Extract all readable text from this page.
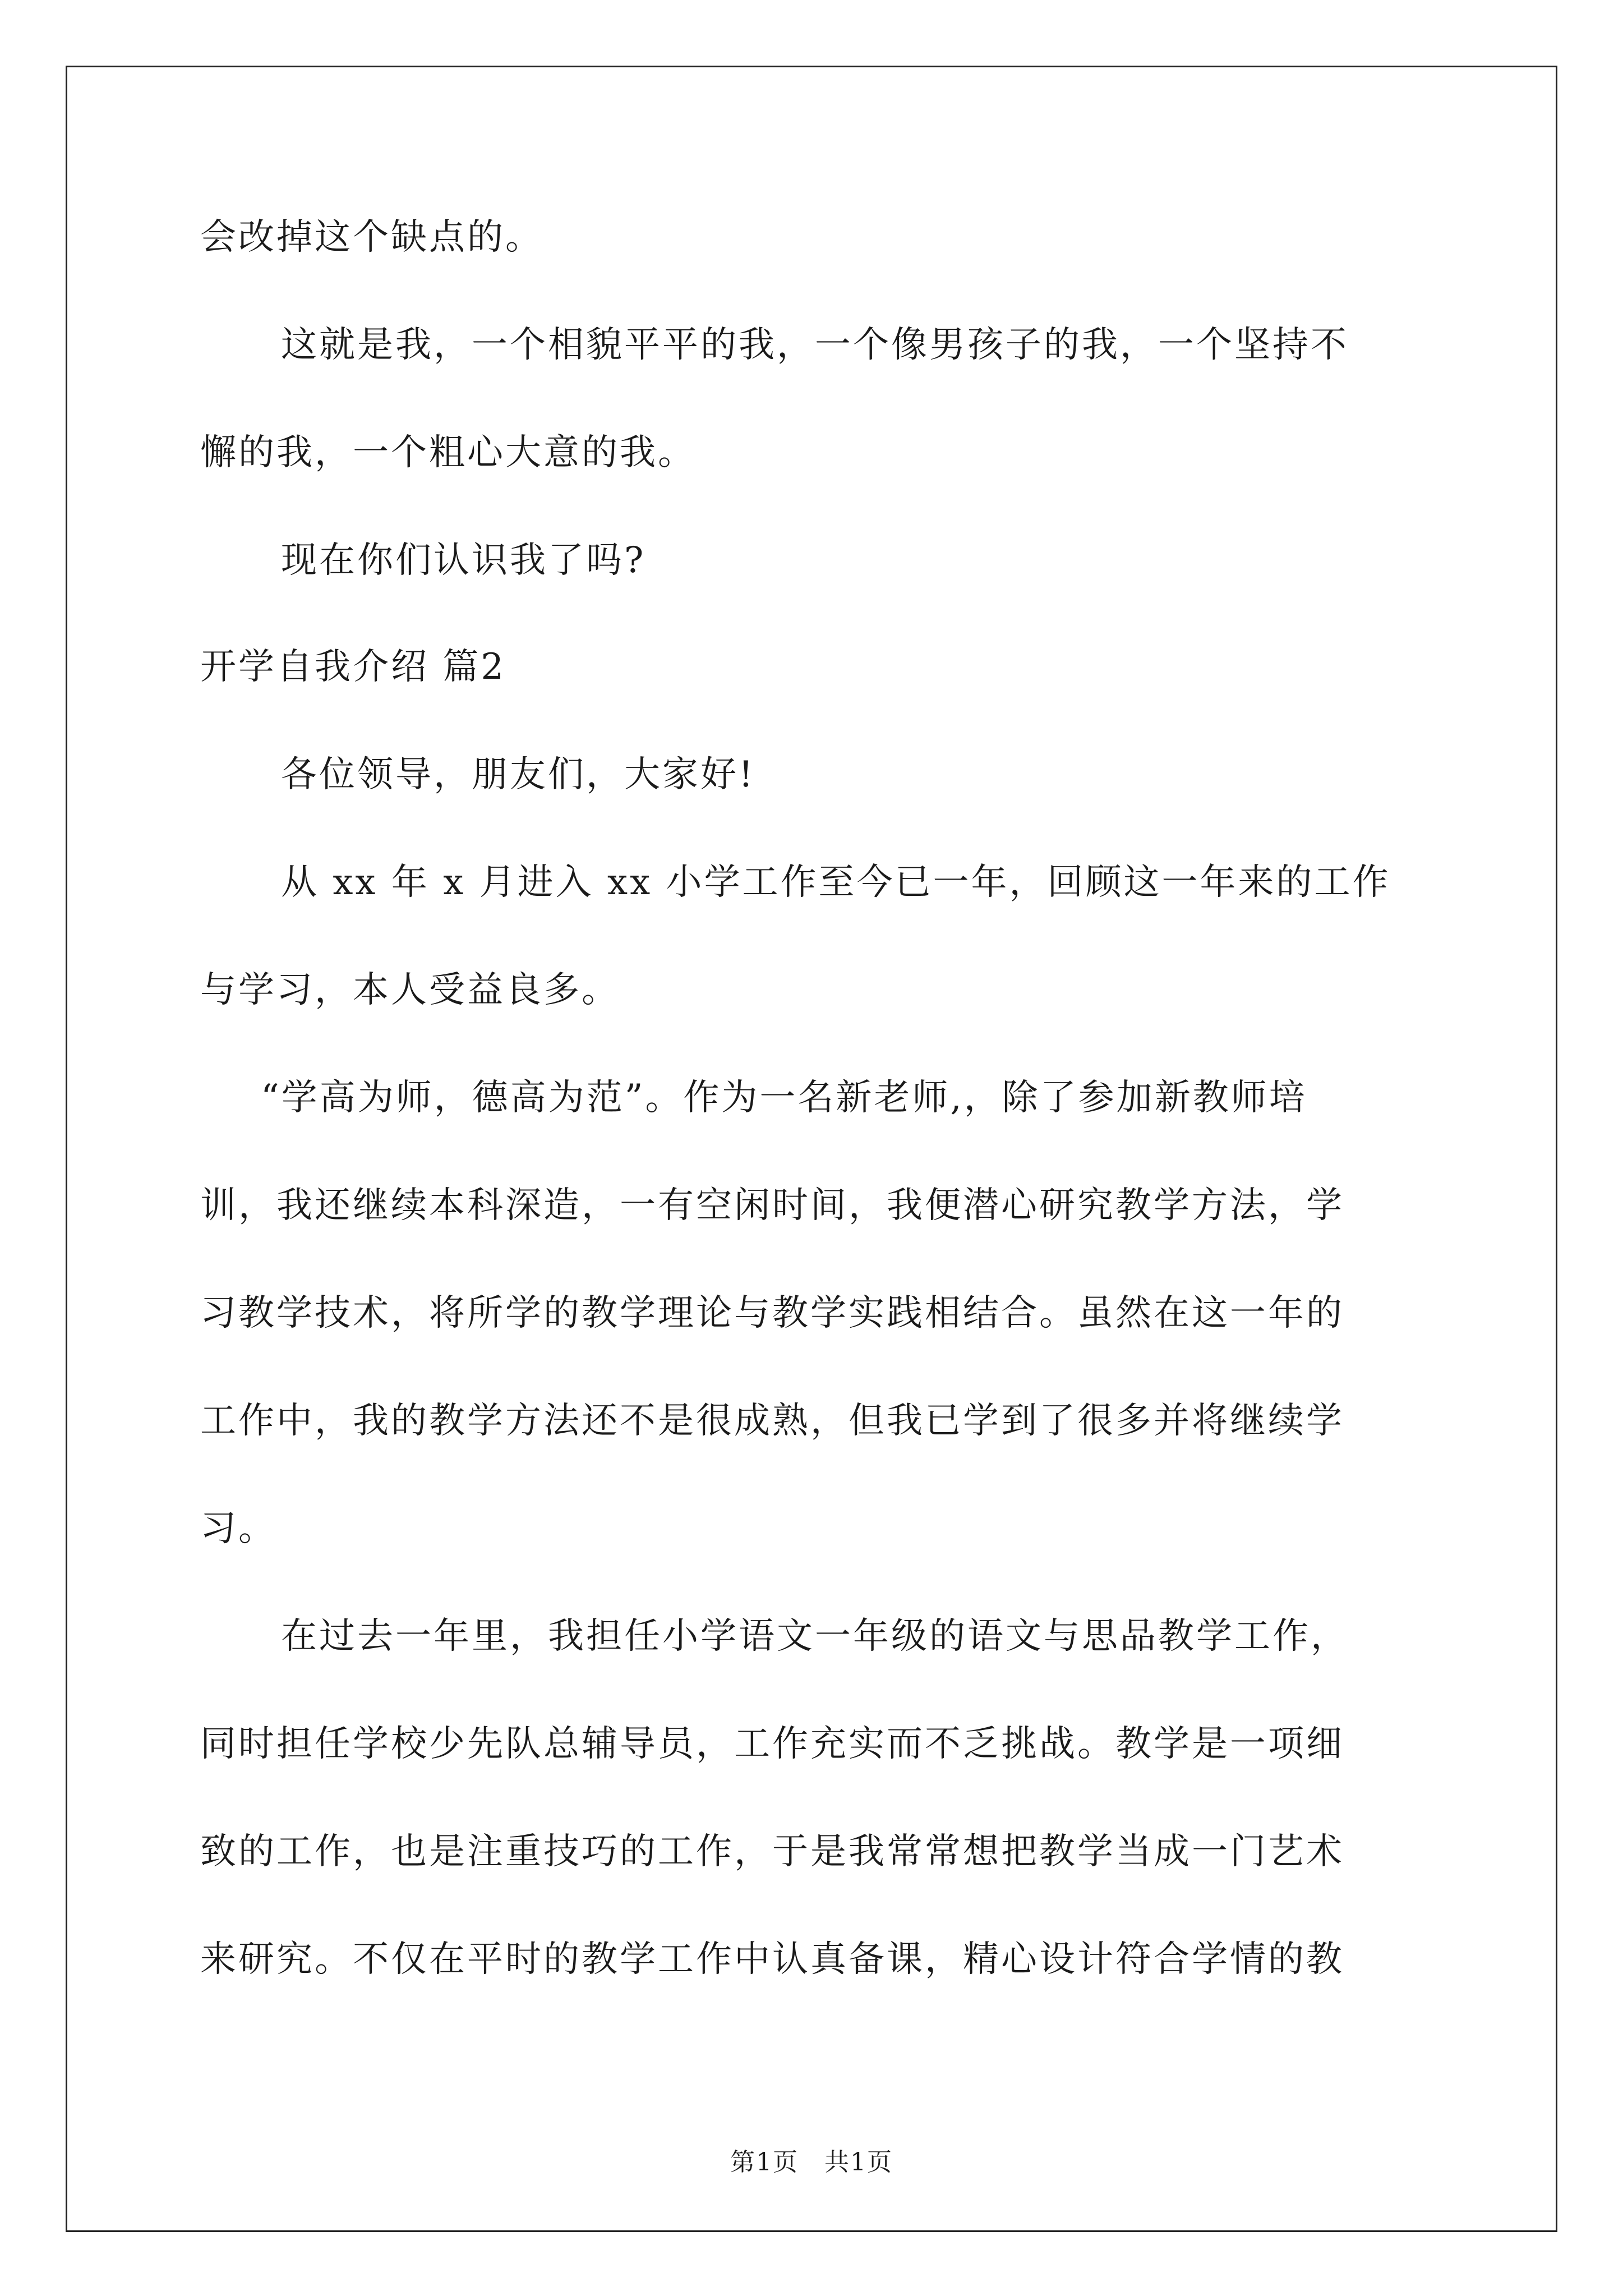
会改掉这个缺点的。

这就是我，一个相貌平平的我，一个像男孩子的我，一个坚持不

懈的我，一个粗心大意的我。

现在你们认识我了吗?

开学自我介绍 篇2

各位领导，朋友们，大家好!

从 xx 年 x 月进入 xx 小学工作至今已一年，回顾这一年来的工作

与学习，本人受益良多。

“学高为师，德高为范”。作为一名新老师,，除了参加新教师培

训，我还继续本科深造，一有空闲时间，我便潜心研究教学方法，学

习教学技术，将所学的教学理论与教学实践相结合。虽然在这一年的

工作中，我的教学方法还不是很成熟，但我已学到了很多并将继续学

习。

在过去一年里，我担任小学语文一年级的语文与思品教学工作，

同时担任学校少先队总辅导员，工作充实而不乏挑战。教学是一项细

致的工作，也是注重技巧的工作，于是我常常想把教学当成一门艺术

来研究。不仅在平时的教学工作中认真备课，精心设计符合学情的教

第1页　共1页
